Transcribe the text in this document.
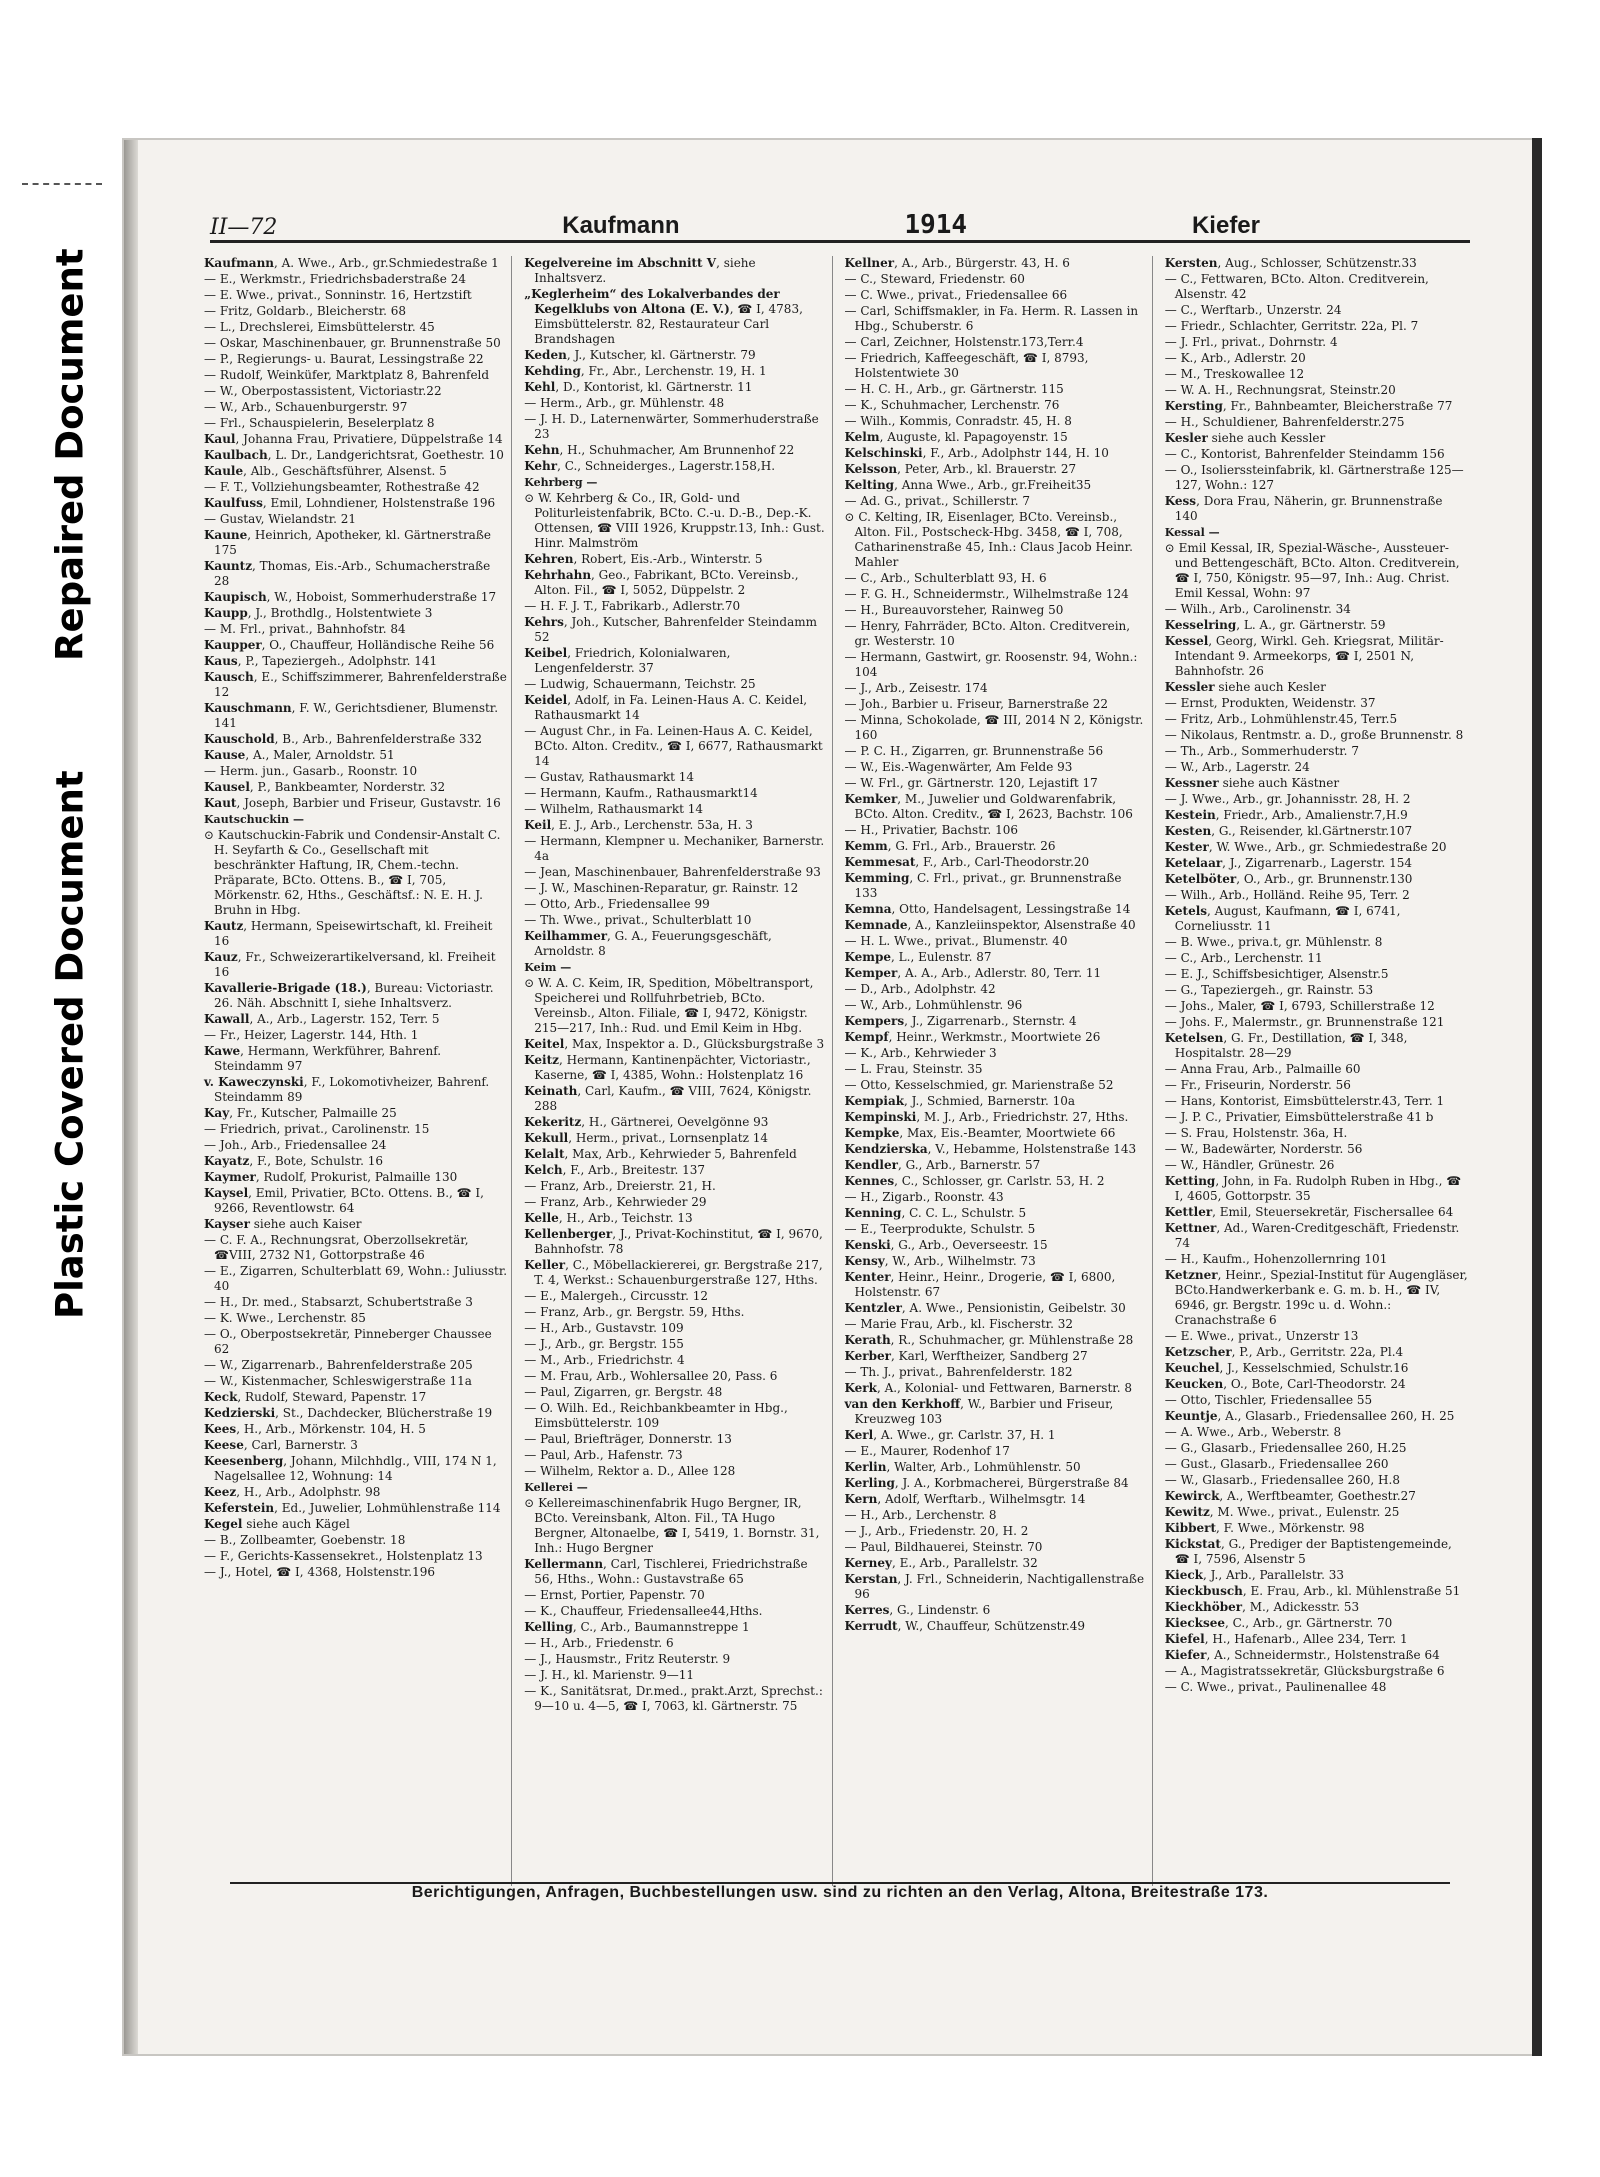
Repaired Document
Plastic Covered Document
II—72	Kaufmann	1914	Kiefer
Kaufmann, A. Wwe., Arb., gr.Schmiedestraße 1
— E., Werkmstr., Friedrichsbaderstraße 24
— E. Wwe., privat., Sonninstr. 16, Hertzstift
— Fritz, Goldarb., Bleicherstr. 68
— L., Drechslerei, Eimsbüttelerstr. 45
— Oskar, Maschinenbauer, gr. Brunnenstraße 50
— P., Regierungs- u. Baurat, Lessingstraße 22
— Rudolf, Weinküfer, Marktplatz 8, Bahrenfeld
— W., Oberpostassistent, Victoriastr.22
— W., Arb., Schauenburgerstr. 97
— Frl., Schauspielerin, Beselerplatz 8
Kaul, Johanna Frau, Privatiere, Düppelstraße 14
Kaulbach, L. Dr., Landgerichtsrat, Goethestr. 10
Kaule, Alb., Geschäftsführer, Alsenst. 5
— F. T., Vollziehungsbeamter, Rothestraße 42
Kaulfuss, Emil, Lohndiener, Holstenstraße 196
— Gustav, Wielandstr. 21
Kaune, Heinrich, Apotheker, kl. Gärtnerstraße 175
Kauntz, Thomas, Eis.-Arb., Schumacherstraße 28
Kaupisch, W., Hoboist, Sommerhuderstraße 17
Kaupp, J., Brothdlg., Holstentwiete 3
— M. Frl., privat., Bahnhofstr. 84
Kaupper, O., Chauffeur, Holländische Reihe 56
Kaus, P., Tapeziergeh., Adolphstr. 141
Kausch, E., Schiffszimmerer, Bahrenfelderstraße 12
Kauschmann, F. W., Gerichtsdiener, Blumenstr. 141
Kauschold, B., Arb., Bahrenfelderstraße 332
Kause, A., Maler, Arnoldstr. 51
— Herm. jun., Gasarb., Roonstr. 10
Kausel, P., Bankbeamter, Norderstr. 32
Kaut, Joseph, Barbier und Friseur, Gustavstr. 16
Kautschuckin —
⊙ Kautschuckin-Fabrik und Condensir-Anstalt C. H. Seyfarth & Co., Gesellschaft mit beschränkter Haftung, IR, Chem.-techn. Präparate, BCto. Ottens. B., ☎ I, 705, Mörkenstr. 62, Hths., Geschäftsf.: N. E. H. J. Bruhn in Hbg.
Kautz, Hermann, Speisewirtschaft, kl. Freiheit 16
Kauz, Fr., Schweizerartikelversand, kl. Freiheit 16
Kavallerie-Brigade (18.), Bureau: Victoriastr. 26. Näh. Abschnitt I, siehe Inhaltsverz.
Kawall, A., Arb., Lagerstr. 152, Terr. 5
— Fr., Heizer, Lagerstr. 144, Hth. 1
Kawe, Hermann, Werkführer, Bahrenf. Steindamm 97
v. Kaweczynski, F., Lokomotivheizer, Bahrenf. Steindamm 89
Kay, Fr., Kutscher, Palmaille 25
— Friedrich, privat., Carolinenstr. 15
— Joh., Arb., Friedensallee 24
Kayatz, F., Bote, Schulstr. 16
Kaymer, Rudolf, Prokurist, Palmaille 130
Kaysel, Emil, Privatier, BCto. Ottens. B., ☎ I, 9266, Reventlowstr. 64
Kayser siehe auch Kaiser
— C. F. A., Rechnungsrat, Oberzollsekretär, ☎VIII, 2732 N1, Gottorpstraße 46
— E., Zigarren, Schulterblatt 69, Wohn.: Juliusstr. 40
— H., Dr. med., Stabsarzt, Schubertstraße 3
— K. Wwe., Lerchenstr. 85
— O., Oberpostsekretär, Pinneberger Chaussee 62
— W., Zigarrenarb., Bahrenfelderstraße 205
— W., Kistenmacher, Schleswigerstraße 11a
Keck, Rudolf, Steward, Papenstr. 17
Kedzierski, St., Dachdecker, Blücherstraße 19
Kees, H., Arb., Mörkenstr. 104, H. 5
Keese, Carl, Barnerstr. 3
Keesenberg, Johann, Milchhdlg., VIII, 174 N 1, Nagelsallee 12, Wohnung: 14
Keez, H., Arb., Adolphstr. 98
Keferstein, Ed., Juwelier, Lohmühlenstraße 114
Kegel siehe auch Kägel
— B., Zollbeamter, Goebenstr. 18
— F., Gerichts-Kassensekret., Holstenplatz 13
— J., Hotel, ☎ I, 4368, Holstenstr.196
Kegelvereine im Abschnitt V, siehe Inhaltsverz.
„Keglerheim“ des Lokalverbandes der Kegelklubs von Altona (E. V.), ☎ I, 4783, Eimsbüttelerstr. 82, Restaurateur Carl Brandshagen
Keden, J., Kutscher, kl. Gärtnerstr. 79
Kehding, Fr., Abr., Lerchenstr. 19, H. 1
Kehl, D., Kontorist, kl. Gärtnerstr. 11
— Herm., Arb., gr. Mühlenstr. 48
— J. H. D., Laternenwärter, Sommerhuderstraße 23
Kehn, H., Schuhmacher, Am Brunnenhof 22
Kehr, C., Schneiderges., Lagerstr.158,H.
Kehrberg —
⊙ W. Kehrberg & Co., IR, Gold- und Politurleistenfabrik, BCto. C.-u. D.-B., Dep.-K. Ottensen, ☎ VIII 1926, Kruppstr.13, Inh.: Gust. Hinr. Malmström
Kehren, Robert, Eis.-Arb., Winterstr. 5
Kehrhahn, Geo., Fabrikant, BCto. Vereinsb., Alton. Fil., ☎ I, 5052, Düppelstr. 2
— H. F. J. T., Fabrikarb., Adlerstr.70
Kehrs, Joh., Kutscher, Bahrenfelder Steindamm 52
Keibel, Friedrich, Kolonialwaren, Lengenfelderstr. 37
— Ludwig, Schauermann, Teichstr. 25
Keidel, Adolf, in Fa. Leinen-Haus A. C. Keidel, Rathausmarkt 14
— August Chr., in Fa. Leinen-Haus A. C. Keidel, BCto. Alton. Creditv., ☎ I, 6677, Rathausmarkt 14
— Gustav, Rathausmarkt 14
— Hermann, Kaufm., Rathausmarkt14
— Wilhelm, Rathausmarkt 14
Keil, E. J., Arb., Lerchenstr. 53a, H. 3
— Hermann, Klempner u. Mechaniker, Barnerstr. 4a
— Jean, Maschinenbauer, Bahrenfelderstraße 93
— J. W., Maschinen-Reparatur, gr. Rainstr. 12
— Otto, Arb., Friedensallee 99
— Th. Wwe., privat., Schulterblatt 10
Keilhammer, G. A., Feuerungsgeschäft, Arnoldstr. 8
Keim —
⊙ W. A. C. Keim, IR, Spedition, Möbeltransport, Speicherei und Rollfuhrbetrieb, BCto. Vereinsb., Alton. Filiale, ☎ I, 9472, Königstr. 215—217, Inh.: Rud. und Emil Keim in Hbg.
Keitel, Max, Inspektor a. D., Glücksburgstraße 3
Keitz, Hermann, Kantinenpächter, Victoriastr., Kaserne, ☎ I, 4385, Wohn.: Holstenplatz 16
Keinath, Carl, Kaufm., ☎ VIII, 7624, Königstr. 288
Kekeritz, H., Gärtnerei, Oevelgönne 93
Kekull, Herm., privat., Lornsenplatz 14
Kelalt, Max, Arb., Kehrwieder 5, Bahrenfeld
Kelch, F., Arb., Breitestr. 137
— Franz, Arb., Dreierstr. 21, H.
— Franz, Arb., Kehrwieder 29
Kelle, H., Arb., Teichstr. 13
Kellenberger, J., Privat-Kochinstitut, ☎ I, 9670, Bahnhofstr. 78
Keller, C., Möbellackiererei, gr. Bergstraße 217, T. 4, Werkst.: Schauenburgerstraße 127, Hths.
— E., Malergeh., Circusstr. 12
— Franz, Arb., gr. Bergstr. 59, Hths.
— H., Arb., Gustavstr. 109
— J., Arb., gr. Bergstr. 155
— M., Arb., Friedrichstr. 4
— M. Frau, Arb., Wohlersallee 20, Pass. 6
— Paul, Zigarren, gr. Bergstr. 48
— O. Wilh. Ed., Reichbankbeamter in Hbg., Eimsbüttelerstr. 109
— Paul, Briefträger, Donnerstr. 13
— Paul, Arb., Hafenstr. 73
— Wilhelm, Rektor a. D., Allee 128
Kellerei —
⊙ Kellereimaschinenfabrik Hugo Bergner, IR, BCto. Vereinsbank, Alton. Fil., TA Hugo Bergner, Altonaelbe, ☎ I, 5419, 1. Bornstr. 31, Inh.: Hugo Bergner
Kellermann, Carl, Tischlerei, Friedrichstraße 56, Hths., Wohn.: Gustavstraße 65
— Ernst, Portier, Papenstr. 70
— K., Chauffeur, Friedensallee44,Hths.
Kelling, C., Arb., Baumannstreppe 1
— H., Arb., Friedenstr. 6
— J., Hausmstr., Fritz Reuterstr. 9
— J. H., kl. Marienstr. 9—11
— K., Sanitätsrat, Dr.med., prakt.Arzt, Sprechst.: 9—10 u. 4—5, ☎ I, 7063, kl. Gärtnerstr. 75
Kellner, A., Arb., Bürgerstr. 43, H. 6
— C., Steward, Friedenstr. 60
— C. Wwe., privat., Friedensallee 66
— Carl, Schiffsmakler, in Fa. Herm. R. Lassen in Hbg., Schuberstr. 6
— Carl, Zeichner, Holstenstr.173,Terr.4
— Friedrich, Kaffeegeschäft, ☎ I, 8793, Holstentwiete 30
— H. C. H., Arb., gr. Gärtnerstr. 115
— K., Schuhmacher, Lerchenstr. 76
— Wilh., Kommis, Conradstr. 45, H. 8
Kelm, Auguste, kl. Papagoyenstr. 15
Kelschinski, F., Arb., Adolphstr 144, H. 10
Kelsson, Peter, Arb., kl. Brauerstr. 27
Kelting, Anna Wwe., Arb., gr.Freiheit35
— Ad. G., privat., Schillerstr. 7
⊙ C. Kelting, IR, Eisenlager, BCto. Vereinsb., Alton. Fil., Postscheck-Hbg. 3458, ☎ I, 708, Catharinenstraße 45, Inh.: Claus Jacob Heinr. Mahler
— C., Arb., Schulterblatt 93, H. 6
— F. G. H., Schneidermstr., Wilhelmstraße 124
— H., Bureauvorsteher, Rainweg 50
— Henry, Fahrräder, BCto. Alton. Creditverein, gr. Westerstr. 10
— Hermann, Gastwirt, gr. Roosenstr. 94, Wohn.: 104
— J., Arb., Zeisestr. 174
— Joh., Barbier u. Friseur, Barnerstraße 22
— Minna, Schokolade, ☎ III, 2014 N 2, Königstr. 160
— P. C. H., Zigarren, gr. Brunnenstraße 56
— W., Eis.-Wagenwärter, Am Felde 93
— W. Frl., gr. Gärtnerstr. 120, Lejastift 17
Kemker, M., Juwelier und Goldwarenfabrik, BCto. Alton. Creditv., ☎ I, 2623, Bachstr. 106
— H., Privatier, Bachstr. 106
Kemm, G. Frl., Arb., Brauerstr. 26
Kemmesat, F., Arb., Carl-Theodorstr.20
Kemming, C. Frl., privat., gr. Brunnenstraße 133
Kemna, Otto, Handelsagent, Lessingstraße 14
Kemnade, A., Kanzleiinspektor, Alsenstraße 40
— H. L. Wwe., privat., Blumenstr. 40
Kempe, L., Eulenstr. 87
Kemper, A. A., Arb., Adlerstr. 80, Terr. 11
— D., Arb., Adolphstr. 42
— W., Arb., Lohmühlenstr. 96
Kempers, J., Zigarrenarb., Sternstr. 4
Kempf, Heinr., Werkmstr., Moortwiete 26
— K., Arb., Kehrwieder 3
— L. Frau, Steinstr. 35
— Otto, Kesselschmied, gr. Marienstraße 52
Kempiak, J., Schmied, Barnerstr. 10a
Kempinski, M. J., Arb., Friedrichstr. 27, Hths.
Kempke, Max, Eis.-Beamter, Moortwiete 66
Kendzierska, V., Hebamme, Holstenstraße 143
Kendler, G., Arb., Barnerstr. 57
Kennes, C., Schlosser, gr. Carlstr. 53, H. 2
— H., Zigarb., Roonstr. 43
Kenning, C. C. L., Schulstr. 5
— E., Teerprodukte, Schulstr. 5
Kenski, G., Arb., Oeverseestr. 15
Kensy, W., Arb., Wilhelmstr. 73
Kenter, Heinr., Heinr., Drogerie, ☎ I, 6800, Holstenstr. 67
Kentzler, A. Wwe., Pensionistin, Geibelstr. 30
— Marie Frau, Arb., kl. Fischerstr. 32
Kerath, R., Schuhmacher, gr. Mühlenstraße 28
Kerber, Karl, Werftheizer, Sandberg 27
— Th. J., privat., Bahrenfelderstr. 182
Kerk, A., Kolonial- und Fettwaren, Barnerstr. 8
van den Kerkhoff, W., Barbier und Friseur, Kreuzweg 103
Kerl, A. Wwe., gr. Carlstr. 37, H. 1
— E., Maurer, Rodenhof 17
Kerlin, Walter, Arb., Lohmühlenstr. 50
Kerling, J. A., Korbmacherei, Bürgerstraße 84
Kern, Adolf, Werftarb., Wilhelmsgtr. 14
— H., Arb., Lerchenstr. 8
— J., Arb., Friedenstr. 20, H. 2
— Paul, Bildhauerei, Steinstr. 70
Kerney, E., Arb., Parallelstr. 32
Kerstan, J. Frl., Schneiderin, Nachtigallenstraße 96
Kerres, G., Lindenstr. 6
Kerrudt, W., Chauffeur, Schützenstr.49
Kersten, Aug., Schlosser, Schützenstr.33
— C., Fettwaren, BCto. Alton. Creditverein, Alsenstr. 42
— C., Werftarb., Unzerstr. 24
— Friedr., Schlachter, Gerritstr. 22a, Pl. 7
— J. Frl., privat., Dohrnstr. 4
— K., Arb., Adlerstr. 20
— M., Treskowallee 12
— W. A. H., Rechnungsrat, Steinstr.20
Kersting, Fr., Bahnbeamter, Bleicherstraße 77
— H., Schuldiener, Bahrenfelderstr.275
Kesler siehe auch Kessler
— C., Kontorist, Bahrenfelder Steindamm 156
— O., Isolierssteinfabrik, kl. Gärtnerstraße 125—127, Wohn.: 127
Kess, Dora Frau, Näherin, gr. Brunnenstraße 140
Kessal —
⊙ Emil Kessal, IR, Spezial-Wäsche-, Aussteuer- und Bettengeschäft, BCto. Alton. Creditverein, ☎ I, 750, Königstr. 95—97, Inh.: Aug. Christ. Emil Kessal, Wohn: 97
— Wilh., Arb., Carolinenstr. 34
Kesselring, L. A., gr. Gärtnerstr. 59
Kessel, Georg, Wirkl. Geh. Kriegsrat, Militär-Intendant 9. Armeekorps, ☎ I, 2501 N, Bahnhofstr. 26
Kessler siehe auch Kesler
— Ernst, Produkten, Weidenstr. 37
— Fritz, Arb., Lohmühlenstr.45, Terr.5
— Nikolaus, Rentmstr. a. D., große Brunnenstr. 8
— Th., Arb., Sommerhuderstr. 7
— W., Arb., Lagerstr. 24
Kessner siehe auch Kästner
— J. Wwe., Arb., gr. Johannisstr. 28, H. 2
Kestein, Friedr., Arb., Amalienstr.7,H.9
Kesten, G., Reisender, kl.Gärtnerstr.107
Kester, W. Wwe., Arb., gr. Schmiedestraße 20
Ketelaar, J., Zigarrenarb., Lagerstr. 154
Ketelböter, O., Arb., gr. Brunnenstr.130
— Wilh., Arb., Holländ. Reihe 95, Terr. 2
Ketels, August, Kaufmann, ☎ I, 6741, Corneliusstr. 11
— B. Wwe., priva.t, gr. Mühlenstr. 8
— C., Arb., Lerchenstr. 11
— E. J., Schiffsbesichtiger, Alsenstr.5
— G., Tapeziergeh., gr. Rainstr. 53
— Johs., Maler, ☎ I, 6793, Schillerstraße 12
— Johs. F., Malermstr., gr. Brunnenstraße 121
Ketelsen, G. Fr., Destillation, ☎ I, 348, Hospitalstr. 28—29
— Anna Frau, Arb., Palmaille 60
— Fr., Friseurin, Norderstr. 56
— Hans, Kontorist, Eimsbüttelerstr.43, Terr. 1
— J. P. C., Privatier, Eimsbüttelerstraße 41 b
— S. Frau, Holstenstr. 36a, H.
— W., Badewärter, Norderstr. 56
— W., Händler, Grünestr. 26
Ketting, John, in Fa. Rudolph Ruben in Hbg., ☎ I, 4605, Gottorpstr. 35
Kettler, Emil, Steuersekretär, Fischersallee 64
Kettner, Ad., Waren-Creditgeschäft, Friedenstr. 74
— H., Kaufm., Hohenzollernring 101
Ketzner, Heinr., Spezial-Institut für Augengläser, BCto.Handwerkerbank e. G. m. b. H., ☎ IV, 6946, gr. Bergstr. 199c u. d. Wohn.: Cranachstraße 6
— E. Wwe., privat., Unzerstr 13
Ketzscher, P., Arb., Gerritstr. 22a, Pl.4
Keuchel, J., Kesselschmied, Schulstr.16
Keucken, O., Bote, Carl-Theodorstr. 24
— Otto, Tischler, Friedensallee 55
Keuntje, A., Glasarb., Friedensallee 260, H. 25
— A. Wwe., Arb., Weberstr. 8
— G., Glasarb., Friedensallee 260, H.25
— Gust., Glasarb., Friedensallee 260
— W., Glasarb., Friedensallee 260, H.8
Kewirck, A., Werftbeamter, Goethestr.27
Kewitz, M. Wwe., privat., Eulenstr. 25
Kibbert, F. Wwe., Mörkenstr. 98
Kickstat, G., Prediger der Baptistengemeinde, ☎ I, 7596, Alsenstr 5
Kieck, J., Arb., Parallelstr. 33
Kieckbusch, E. Frau, Arb., kl. Mühlenstraße 51
Kieckhöber, M., Adickesstr. 53
Kiecksee, C., Arb., gr. Gärtnerstr. 70
Kiefel, H., Hafenarb., Allee 234, Terr. 1
Kiefer, A., Schneidermstr., Holstenstraße 64
— A., Magistratssekretär, Glücksburgstraße 6
— C. Wwe., privat., Paulinenallee 48
Berichtigungen, Anfragen, Buchbestellungen usw. sind zu richten an den Verlag, Altona, Breitestraße 173.
